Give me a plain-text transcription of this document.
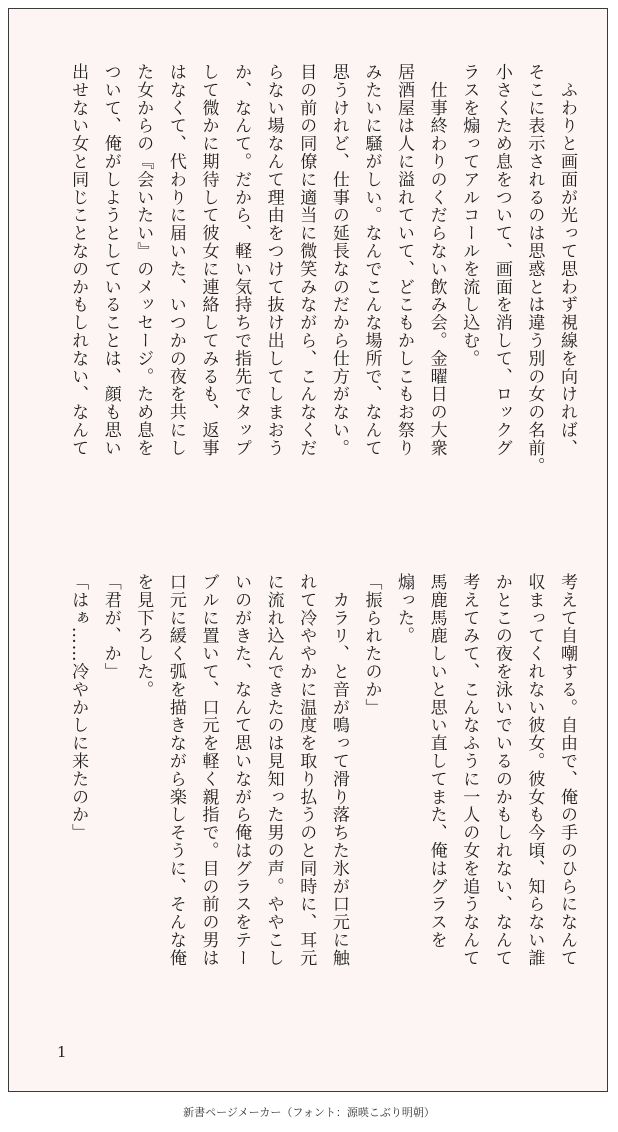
　ふわりと画面が光って思わず視線を向ければ、

そこに表示されるのは思惑とは違う別の女の名前。

小さくため息をついて、画面を消して、ロックグ

ラスを煽ってアルコールを流し込む。

　仕事終わりのくだらない飲み会。金曜日の大衆

居酒屋は人に溢れていて、どこもかしこもお祭り

みたいに騒がしい。なんでこんな場所で、なんて

思うけれど、仕事の延長なのだから仕方がない。

目の前の同僚に適当に微笑みながら、こんなくだ

らない場なんて理由をつけて抜け出してしまおう

か、なんて。だから、軽い気持ちで指先でタップ

して微かに期待して彼女に連絡してみるも、返事

はなくて、代わりに届いた、いつかの夜を共にし

た女からの『会いたい』のメッセージ。ため息を

ついて、俺がしようとしていることは、顔も思い

出せない女と同じことなのかもしれない、なんて

考えて自嘲する。自由で、俺の手のひらになんて

収まってくれない彼女。彼女も今頃、知らない誰

かとこの夜を泳いでいるのかもしれない、なんて

考えてみて、こんなふうに一人の女を追うなんて

馬鹿馬鹿しいと思い直してまた、俺はグラスを

煽った。

「振られたのか」

　カラリ、と音が鳴って滑り落ちた氷が口元に触

れて冷ややかに温度を取り払うのと同時に、耳元

に流れ込んできたのは見知った男の声。ややこし

いのがきた、なんて思いながら俺はグラスをテー

ブルに置いて、口元を軽く親指で。目の前の男は

口元に緩く弧を描きながら楽しそうに、そんな俺

を見下ろした。

「君が、か」

「はぁ……冷やかしに来たのか」

1
新書ページメーカー（フォント：源暎こぶり明朝）
